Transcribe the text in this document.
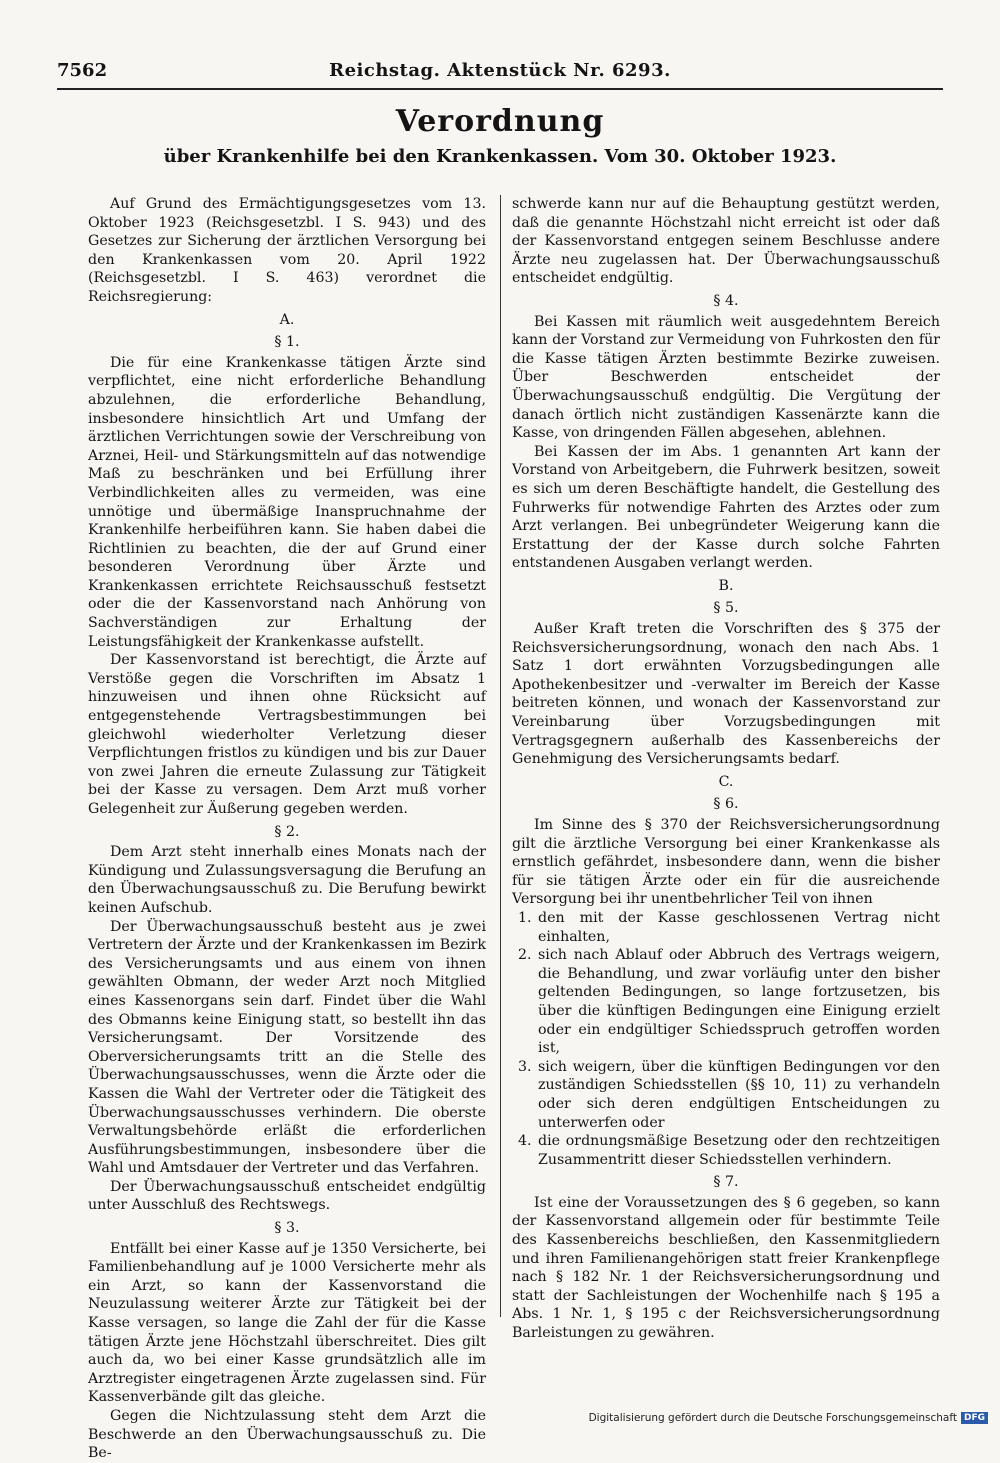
7562	Reichstag. Aktenstück Nr. 6293.
Verordnung
über Krankenhilfe bei den Krankenkassen. Vom 30. Oktober 1923.

Auf Grund des Ermächtigungsgesetzes vom 13. Oktober 1923 (Reichsgesetzbl. I S. 943) und des Gesetzes zur Sicherung der ärztlichen Versorgung bei den Krankenkassen vom 20. April 1922 (Reichsgesetzbl. I S. 463) verordnet die Reichsregierung:

A.
§ 1.

Die für eine Krankenkasse tätigen Ärzte sind verpflichtet, eine nicht erforderliche Behandlung abzulehnen, die erforderliche Behandlung, insbesondere hinsichtlich Art und Umfang der ärztlichen Verrichtungen sowie der Verschreibung von Arznei, Heil- und Stärkungsmitteln auf das notwendige Maß zu beschränken und bei Erfüllung ihrer Verbindlichkeiten alles zu vermeiden, was eine unnötige und übermäßige Inanspruchnahme der Krankenhilfe herbeiführen kann. Sie haben dabei die Richtlinien zu beachten, die der auf Grund einer besonderen Verordnung über Ärzte und Krankenkassen errichtete Reichsausschuß festsetzt oder die der Kassenvorstand nach Anhörung von Sachverständigen zur Erhaltung der Leistungsfähigkeit der Krankenkasse aufstellt.

Der Kassenvorstand ist berechtigt, die Ärzte auf Verstöße gegen die Vorschriften im Absatz 1 hinzuweisen und ihnen ohne Rücksicht auf entgegenstehende Vertragsbestimmungen bei gleichwohl wiederholter Verletzung dieser Verpflichtungen fristlos zu kündigen und bis zur Dauer von zwei Jahren die erneute Zulassung zur Tätigkeit bei der Kasse zu versagen. Dem Arzt muß vorher Gelegenheit zur Äußerung gegeben werden.

§ 2.

Dem Arzt steht innerhalb eines Monats nach der Kündigung und Zulassungsversagung die Berufung an den Überwachungsausschuß zu. Die Berufung bewirkt keinen Aufschub.

Der Überwachungsausschuß besteht aus je zwei Vertretern der Ärzte und der Krankenkassen im Bezirk des Versicherungsamts und aus einem von ihnen gewählten Obmann, der weder Arzt noch Mitglied eines Kassenorgans sein darf. Findet über die Wahl des Obmanns keine Einigung statt, so bestellt ihn das Versicherungsamt. Der Vorsitzende des Oberversicherungsamts tritt an die Stelle des Überwachungsausschusses, wenn die Ärzte oder die Kassen die Wahl der Vertreter oder die Tätigkeit des Überwachungsausschusses verhindern. Die oberste Verwaltungsbehörde erläßt die erforderlichen Ausführungsbestimmungen, insbesondere über die Wahl und Amtsdauer der Vertreter und das Verfahren.

Der Überwachungsausschuß entscheidet endgültig unter Ausschluß des Rechtswegs.

§ 3.

Entfällt bei einer Kasse auf je 1350 Versicherte, bei Familienbehandlung auf je 1000 Versicherte mehr als ein Arzt, so kann der Kassenvorstand die Neuzulassung weiterer Ärzte zur Tätigkeit bei der Kasse versagen, so lange die Zahl der für die Kasse tätigen Ärzte jene Höchstzahl überschreitet. Dies gilt auch da, wo bei einer Kasse grundsätzlich alle im Arztregister eingetragenen Ärzte zugelassen sind. Für Kassenverbände gilt das gleiche.

Gegen die Nichtzulassung steht dem Arzt die Beschwerde an den Überwachungsausschuß zu. Die Be-

schwerde kann nur auf die Behauptung gestützt werden, daß die genannte Höchstzahl nicht erreicht ist oder daß der Kassenvorstand entgegen seinem Beschlusse andere Ärzte neu zugelassen hat. Der Überwachungsausschuß entscheidet endgültig.

§ 4.

Bei Kassen mit räumlich weit ausgedehntem Bereich kann der Vorstand zur Vermeidung von Fuhrkosten den für die Kasse tätigen Ärzten bestimmte Bezirke zuweisen. Über Beschwerden entscheidet der Überwachungsausschuß endgültig. Die Vergütung der danach örtlich nicht zuständigen Kassenärzte kann die Kasse, von dringenden Fällen abgesehen, ablehnen.

Bei Kassen der im Abs. 1 genannten Art kann der Vorstand von Arbeitgebern, die Fuhrwerk besitzen, soweit es sich um deren Beschäftigte handelt, die Gestellung des Fuhrwerks für notwendige Fahrten des Arztes oder zum Arzt verlangen. Bei unbegründeter Weigerung kann die Erstattung der der Kasse durch solche Fahrten entstandenen Ausgaben verlangt werden.

B.
§ 5.

Außer Kraft treten die Vorschriften des § 375 der Reichsversicherungsordnung, wonach den nach Abs. 1 Satz 1 dort erwähnten Vorzugsbedingungen alle Apothekenbesitzer und -verwalter im Bereich der Kasse beitreten können, und wonach der Kassenvorstand zur Vereinbarung über Vorzugsbedingungen mit Vertragsgegnern außerhalb des Kassenbereichs der Genehmigung des Versicherungsamts bedarf.

C.
§ 6.

Im Sinne des § 370 der Reichsversicherungsordnung gilt die ärztliche Versorgung bei einer Krankenkasse als ernstlich gefährdet, insbesondere dann, wenn die bisher für sie tätigen Ärzte oder ein für die ausreichende Versorgung bei ihr unentbehrlicher Teil von ihnen

1. den mit der Kasse geschlossenen Vertrag nicht einhalten,
2. sich nach Ablauf oder Abbruch des Vertrags weigern, die Behandlung, und zwar vorläufig unter den bisher geltenden Bedingungen, so lange fortzusetzen, bis über die künftigen Bedingungen eine Einigung erzielt oder ein endgültiger Schiedsspruch getroffen worden ist,
3. sich weigern, über die künftigen Bedingungen vor den zuständigen Schiedsstellen (§§ 10, 11) zu verhandeln oder sich deren endgültigen Entscheidungen zu unterwerfen oder
4. die ordnungsmäßige Besetzung oder den rechtzeitigen Zusammentritt dieser Schiedsstellen verhindern.
§ 7.

Ist eine der Voraussetzungen des § 6 gegeben, so kann der Kassenvorstand allgemein oder für bestimmte Teile des Kassenbereichs beschließen, den Kassenmitgliedern und ihren Familienangehörigen statt freier Krankenpflege nach § 182 Nr. 1 der Reichsversicherungsordnung und statt der Sachleistungen der Wochenhilfe nach § 195 a Abs. 1 Nr. 1, § 195 c der Reichsversicherungsordnung Barleistungen zu gewähren.

Digitalisierung gefördert durch die Deutsche Forschungsgemeinschaft DFG
